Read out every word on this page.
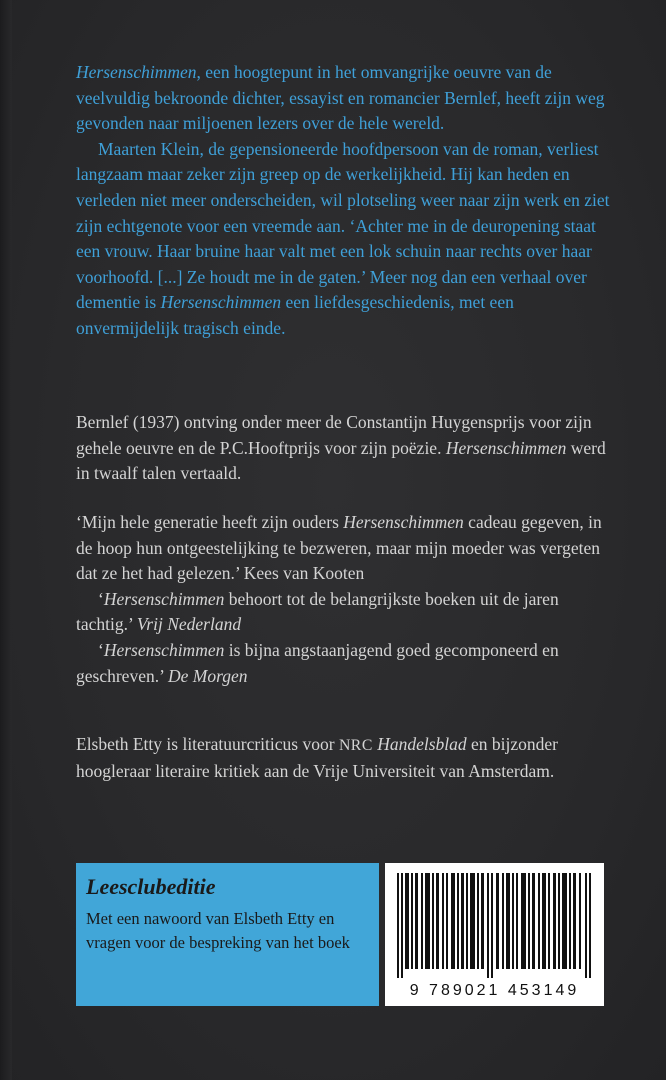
Hersenschimmen, een hoogtepunt in het omvangrijke oeuvre van de veelvuldig bekroonde dichter, essayist en romancier Bernlef, heeft zijn weg gevonden naar miljoenen lezers over de hele wereld.

Maarten Klein, de gepensioneerde hoofdpersoon van de roman, verliest langzaam maar zeker zijn greep op de werkelijkheid. Hij kan heden en verleden niet meer onderscheiden, wil plotseling weer naar zijn werk en ziet zijn echtgenote voor een vreemde aan. ‘Achter me in de deuropening staat een vrouw. Haar bruine haar valt met een lok schuin naar rechts over haar voorhoofd. [...] Ze houdt me in de gaten.’ Meer nog dan een verhaal over dementie is Hersenschimmen een liefdesgeschiedenis, met een onvermijdelijk tragisch einde.

Bernlef (1937) ontving onder meer de Constantijn Huygensprijs voor zijn gehele oeuvre en de P.C.Hooftprijs voor zijn poëzie. Hersenschimmen werd in twaalf talen vertaald.

‘Mijn hele generatie heeft zijn ouders Hersenschimmen cadeau gegeven, in de hoop hun ontgeestelijking te bezweren, maar mijn moeder was vergeten dat ze het had gelezen.’ Kees van Kooten

‘Hersenschimmen behoort tot de belangrijkste boeken uit de jaren tachtig.’ Vrij Nederland

‘Hersenschimmen is bijna angstaanjagend goed gecomponeerd en geschreven.’ De Morgen

Elsbeth Etty is literatuurcriticus voor NRC Handelsblad en bijzonder hoogleraar literaire kritiek aan de Vrije Universiteit van Amsterdam.

Leesclubeditie
Met een nawoord van Elsbeth Etty en vragen voor de bespreking van het boek
9 789021 453149
